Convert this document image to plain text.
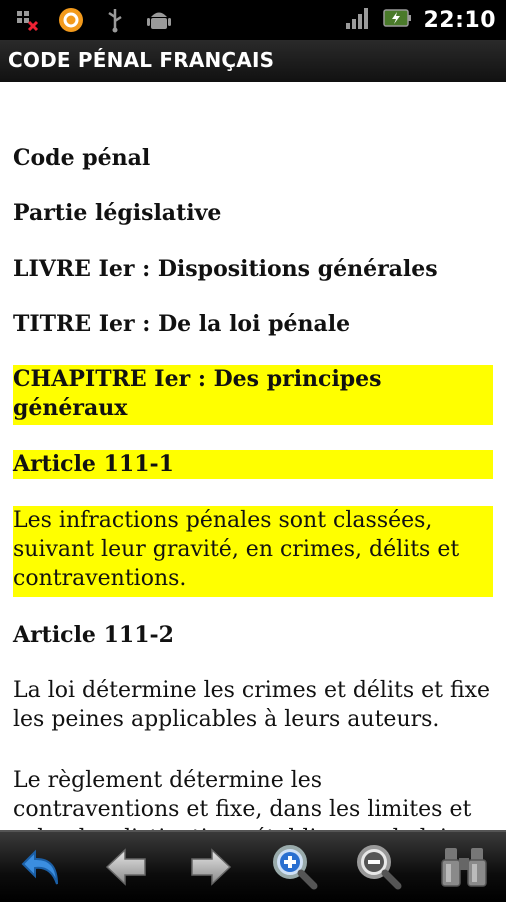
22:10
CODE PÉNAL FRANÇAIS
Code pénal
Partie législative
LIVRE Ier : Dispositions générales
TITRE Ier : De la loi pénale
CHAPITRE Ier : Des principes généraux
Article 111-1
Les infractions pénales sont classées, suivant leur gravité, en crimes, délits et contraventions.
Article 111-2
La loi détermine les crimes et délits et fixe les peines applicables à leurs auteurs.
Le règlement détermine les contraventions et fixe, dans les limites et
